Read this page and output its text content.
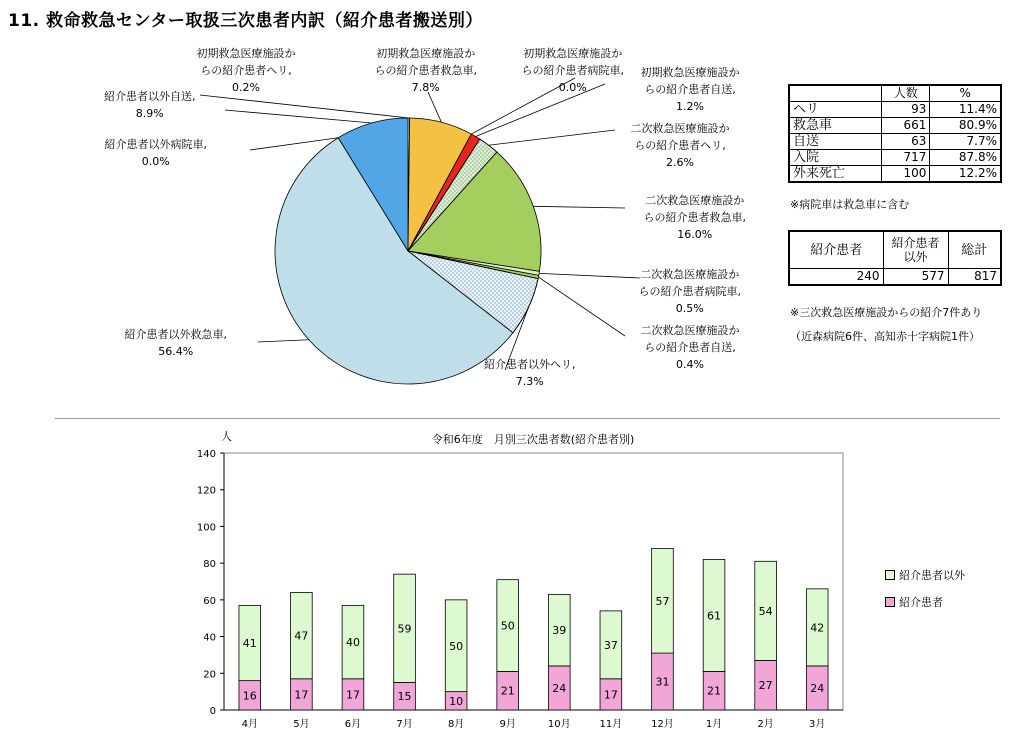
11. 救命救急センター取扱三次患者内訳（紹介患者搬送別）
初期救急医療施設か
らの紹介患者ヘリ,
0.2%
初期救急医療施設か
らの紹介患者救急車,
7.8%
初期救急医療施設か
らの紹介患者病院車,
0.0%
初期救急医療施設か
らの紹介患者自送,
1.2%
二次救急医療施設か
らの紹介患者ヘリ,
2.6%
二次救急医療施設か
らの紹介患者救急車,
16.0%
二次救急医療施設か
らの紹介患者病院車,
0.5%
二次救急医療施設か
らの紹介患者自送,
0.4%
紹介患者以外ヘリ,
7.3%
紹介患者以外救急車,
56.4%
紹介患者以外病院車,
0.0%
紹介患者以外自送,
8.9%
	人数	%
ヘリ	93	11.4%
救急車	661	80.9%
自送	63	7.7%
入院	717	87.8%
外来死亡	100	12.2%
※病院車は救急車に含む
紹介患者	紹介患者以外	総計
240	577	817
※三次救急医療施設からの紹介7件あり
（近森病院6件、高知赤十字病院1件）
0
20
40
60
80
100
120
140
4月	5月	6月	7月	8月	9月	10月	11月	12月	1月	2月	3月
16
41
17
47
17
40
15
59
10
50
21
50
24
39
17
37
31
57
21
61
27
54
24
42
令和6年度　月別三次患者数(紹介患者別)
人
紹介患者以外
紹介患者
